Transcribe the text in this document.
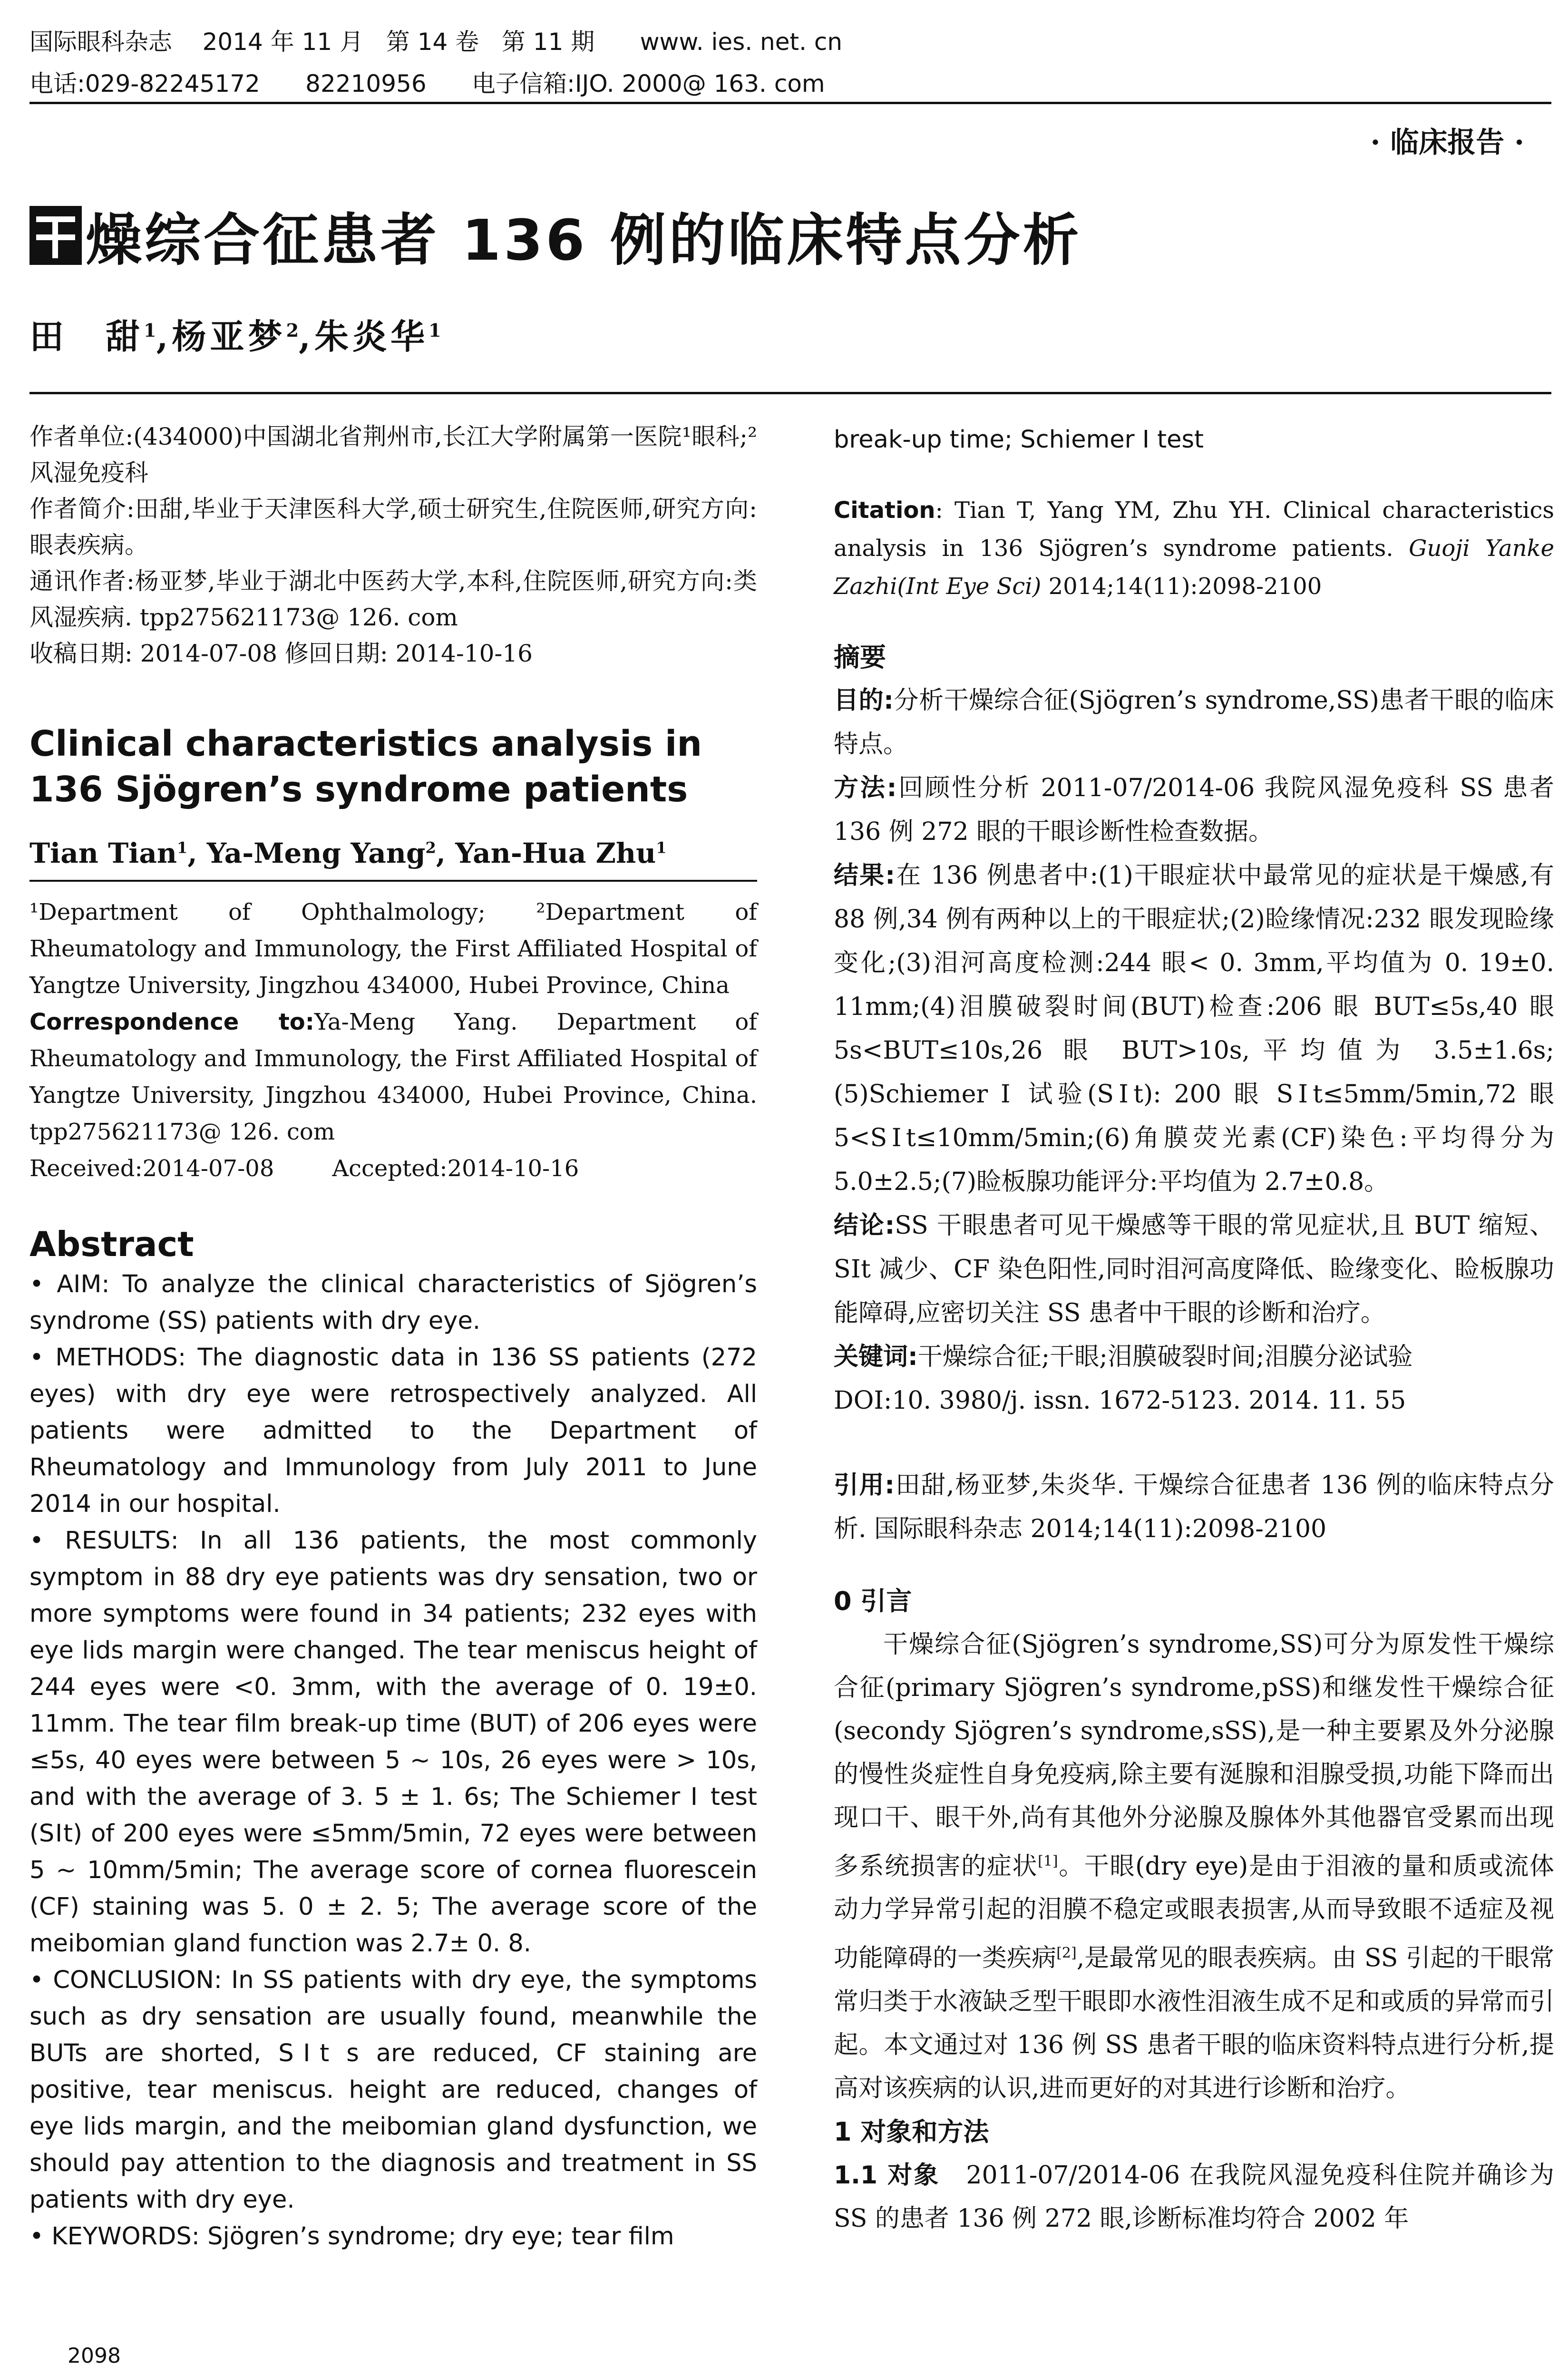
国际眼科杂志    2014 年 11 月   第 14 卷   第 11 期      www. ies. net. cn
电话:029-82245172      82210956      电子信箱:IJO. 2000@ 163. com
· 临床报告 ·
燥综合征患者 136 例的临床特点分析
田　甜$^1$,杨亚梦$^2$,朱炎华$^1$

作者单位:(434000)中国湖北省荆州市,长江大学附属第一医院¹眼科;²风湿免疫科

作者简介:田甜,毕业于天津医科大学,硕士研究生,住院医师,研究方向:眼表疾病。

通讯作者:杨亚梦,毕业于湖北中医药大学,本科,住院医师,研究方向:类风湿疾病. tpp275621173@ 126. com

收稿日期: 2014-07-08 修回日期: 2014-10-16

Clinical characteristics analysis in 136 Sjögren’s syndrome patients
Tian Tian$^1$, Ya-Meng Yang$^2$, Yan-Hua Zhu$^1$
¹Department of Ophthalmology; ²Department of Rheumatology and Immunology, the First Affiliated Hospital of Yangtze University, Jingzhou 434000, Hubei Province, China
Correspondence to:Ya-Meng Yang. Department of Rheumatology and Immunology, the First Affiliated Hospital of Yangtze University, Jingzhou 434000, Hubei Province, China. tpp275621173@ 126. com
Received:2014-07-08        Accepted:2014-10-16
Abstract

• AIM: To analyze the clinical characteristics of Sjögren’s syndrome (SS) patients with dry eye.

• METHODS: The diagnostic data in 136 SS patients (272 eyes) with dry eye were retrospectively analyzed. All patients were admitted to the Department of Rheumatology and Immunology from July 2011 to June 2014 in our hospital.

• RESULTS: In all 136 patients, the most commonly symptom in 88 dry eye patients was dry sensation, two or more symptoms were found in 34 patients; 232 eyes with eye lids margin were changed. The tear meniscus height of 244 eyes were <0. 3mm, with the average of 0. 19±0. 11mm. The tear film break-up time (BUT) of 206 eyes were ≤5s, 40 eyes were between 5 ~ 10s, 26 eyes were > 10s, and with the average of 3. 5 ± 1. 6s; The Schiemer Ⅰ test (SⅠt) of 200 eyes were ≤5mm/5min, 72 eyes were between 5 ~ 10mm/5min; The average score of cornea fluorescein (CF) staining was 5. 0 ± 2. 5; The average score of the meibomian gland function was 2.7± 0. 8.

• CONCLUSION: In SS patients with dry eye, the symptoms such as dry sensation are usually found, meanwhile the BUTs are shorted, SⅠt s are reduced, CF staining are positive, tear meniscus. height are reduced, changes of eye lids margin, and the meibomian gland dysfunction, we should pay attention to the diagnosis and treatment in SS patients with dry eye.

• KEYWORDS: Sjögren’s syndrome; dry eye; tear film

break-up time; Schiemer Ⅰ test
Citation: Tian T, Yang YM, Zhu YH. Clinical characteristics analysis in 136 Sjögren’s syndrome patients. Guoji Yanke Zazhi(Int Eye Sci) 2014;14(11):2098-2100
摘要

目的:分析干燥综合征(Sjögren’s syndrome,SS)患者干眼的临床特点。

方法:回顾性分析 2011-07/2014-06 我院风湿免疫科 SS 患者 136 例 272 眼的干眼诊断性检查数据。

结果:在 136 例患者中:(1)干眼症状中最常见的症状是干燥感,有 88 例,34 例有两种以上的干眼症状;(2)睑缘情况:232 眼发现睑缘变化;(3)泪河高度检测:244 眼< 0. 3mm,平均值为 0. 19±0. 11mm;(4)泪膜破裂时间(BUT)检查:206 眼 BUT≤5s,40 眼 5s<BUT≤10s,26 眼 BUT>10s,平均值为 3.5±1.6s;(5)Schiemer Ⅰ 试验(SⅠt): 200 眼 SⅠt≤5mm/5min,72 眼 5<SⅠt≤10mm/5min;(6)角膜荧光素(CF)染色:平均得分为 5.0±2.5;(7)睑板腺功能评分:平均值为 2.7±0.8。

结论:SS 干眼患者可见干燥感等干眼的常见症状,且 BUT 缩短、SⅠt 减少、CF 染色阳性,同时泪河高度降低、睑缘变化、睑板腺功能障碍,应密切关注 SS 患者中干眼的诊断和治疗。

关键词:干燥综合征;干眼;泪膜破裂时间;泪膜分泌试验

DOI:10. 3980/j. issn. 1672-5123. 2014. 11. 55

引用:田甜,杨亚梦,朱炎华. 干燥综合征患者 136 例的临床特点分析. 国际眼科杂志 2014;14(11):2098-2100
0 引言

干燥综合征(Sjögren’s syndrome,SS)可分为原发性干燥综合征(primary Sjögren’s syndrome,pSS)和继发性干燥综合征(secondy Sjögren’s syndrome,sSS),是一种主要累及外分泌腺的慢性炎症性自身免疫病,除主要有涎腺和泪腺受损,功能下降而出现口干、眼干外,尚有其他外分泌腺及腺体外其他器官受累而出现多系统损害的症状[1]。干眼(dry eye)是由于泪液的量和质或流体动力学异常引起的泪膜不稳定或眼表损害,从而导致眼不适症及视功能障碍的一类疾病[2],是最常见的眼表疾病。由 SS 引起的干眼常常归类于水液缺乏型干眼即水液性泪液生成不足和或质的异常而引起。本文通过对 136 例 SS 患者干眼的临床资料特点进行分析,提高对该疾病的认识,进而更好的对其进行诊断和治疗。

1 对象和方法
1.1 对象　2011-07/2014-06 在我院风湿免疫科住院并确诊为 SS 的患者 136 例 272 眼,诊断标准均符合 2002 年
2098
